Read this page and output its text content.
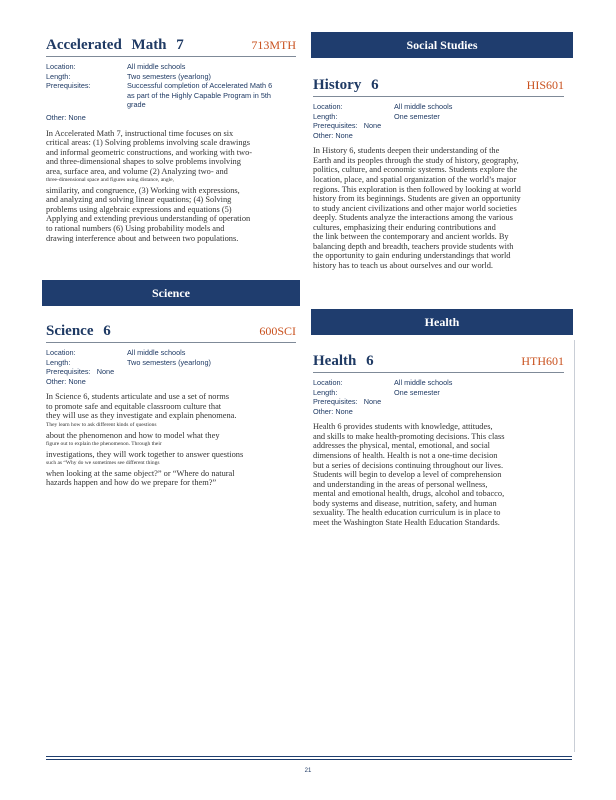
Social Studies
Accelerated Math 7	713MTH
Location:	All middle schools
Length:	Two semesters (yearlong)
Prerequisites:	Successful completion of Accelerated Math 6
as part of the Highly Capable Program in 5th
grade
Other:
None
In Accelerated Math 7, instructional time focuses on six
critical areas: (1) Solving problems involving scale drawings
and informal geometric constructions, and working with two-
and three-dimensional shapes to solve problems involving
area, surface area, and volume (2) Analyzing two- and
three-dimensional space and figures using distance, angle,
similarity, and congruence, (3) Working with expressions,
and analyzing and solving linear equations; (4) Solving
problems using algebraic expressions and equations (5)
Applying and extending previous understanding of operation
to rational numbers (6) Using probability models and
drawing interference about and between two populations.
History 6	HIS601
Location:	All middle schools
Length:	One semester
Prerequisites:
None
Other:
None
In History 6, students deepen their understanding of the
Earth and its peoples through the study of history, geography,
politics, culture, and economic systems. Students explore the
location, place, and spatial organization of the world’s major
regions. This exploration is then followed by looking at world
history from its beginnings. Students are given an opportunity
to study ancient civilizations and other major world societies
deeply. Students analyze the interactions among the various
cultures, emphasizing their enduring contributions and
the link between the contemporary and ancient worlds. By
balancing depth and breadth, teachers provide students with
the opportunity to gain enduring understandings that world
history has to teach us about ourselves and our world.
Science
Health
Science 6	600SCI
Location:	All middle schools
Length:	Two semesters (yearlong)
Prerequisites:
None
Other:
None
In Science 6, students articulate and use a set of norms
to promote safe and equitable classroom culture that
they will use as they investigate and explain phenomena.
They learn how to ask different kinds of questions
about the phenomenon and how to model what they
figure out to explain the phenomenon. Through their
investigations, they will work together to answer questions
such as “Why do we sometimes see different things
when looking at the same object?” or “Where do natural
hazards happen and how do we prepare for them?”
Health 6	HTH601
Location:	All middle schools
Length:	One semester
Prerequisites:
None
Other:
None
Health 6 provides students with knowledge, attitudes,
and skills to make health-promoting decisions. This class
addresses the physical, mental, emotional, and social
dimensions of health. Health is not a one-time decision
but a series of decisions continuing throughout our lives.
Students will begin to develop a level of comprehension
and understanding in the areas of personal wellness,
mental and emotional health, drugs, alcohol and tobacco,
body systems and disease, nutrition, safety, and human
sexuality. The health education curriculum is in place to
meet the Washington State Health Education Standards.
21
